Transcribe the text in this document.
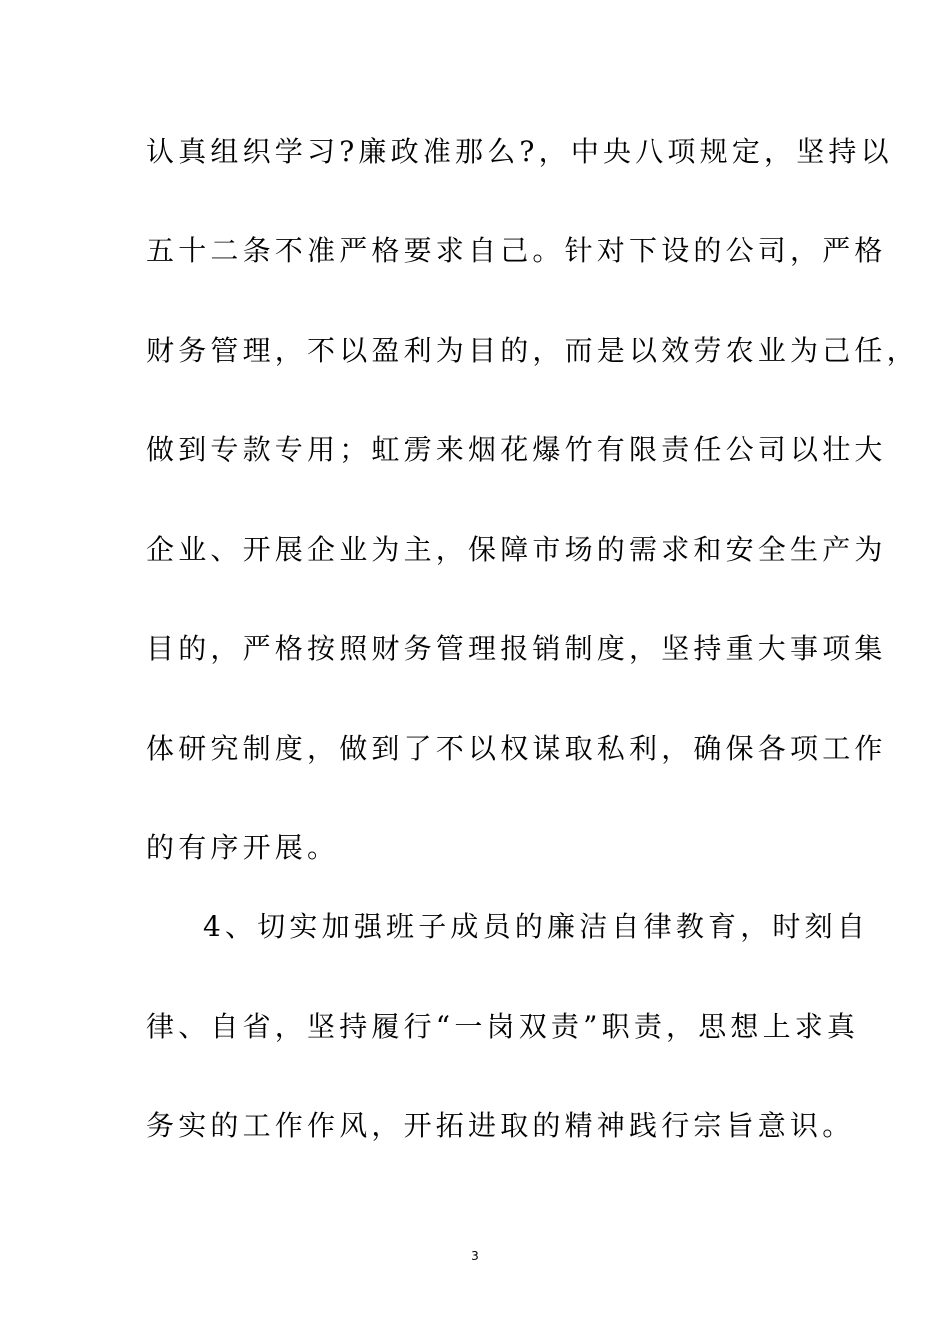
认真组织学习?廉政准那么?，中央八项规定，坚持以
五十二条不准严格要求自己。针对下设的公司，严格
财务管理，不以盈利为目的，而是以效劳农业为己任，
做到专款专用；虹雳来烟花爆竹有限责任公司以壮大
企业、开展企业为主，保障市场的需求和安全生产为
目的，严格按照财务管理报销制度，坚持重大事项集
体研究制度，做到了不以权谋取私利，确保各项工作
的有序开展。
4、切实加强班子成员的廉洁自律教育，时刻自
律、自省，坚持履行“一岗双责”职责，思想上求真
务实的工作作风，开拓进取的精神践行宗旨意识。
3
